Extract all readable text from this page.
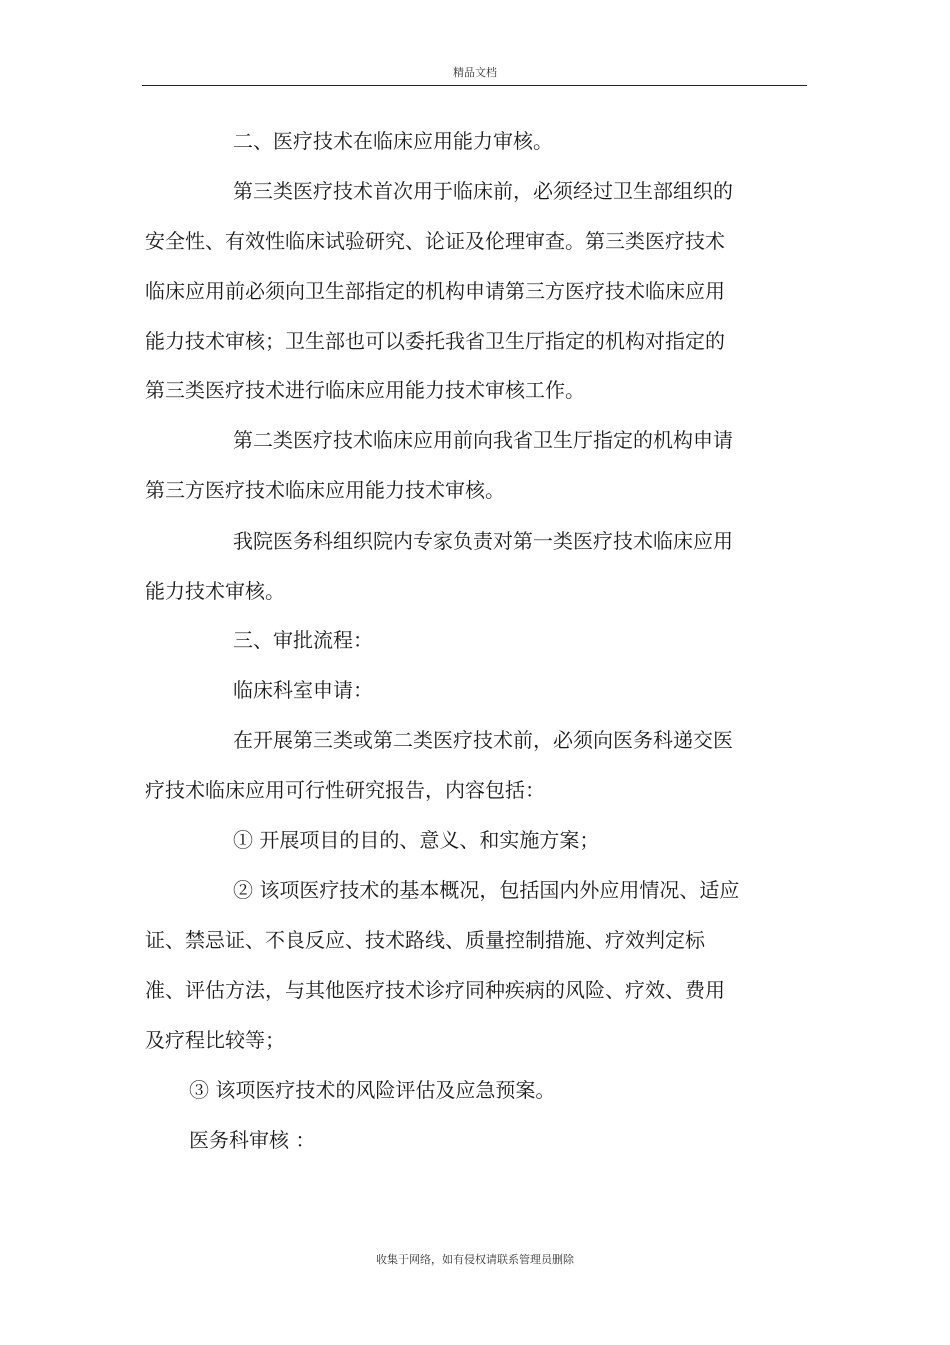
精品文档
二、医疗技术在临床应用能力审核。
第三类医疗技术首次用于临床前，必须经过卫生部组织的
安全性、有效性临床试验研究、论证及伦理审查。第三类医疗技术
临床应用前必须向卫生部指定的机构申请第三方医疗技术临床应用
能力技术审核；卫生部也可以委托我省卫生厅指定的机构对指定的
第三类医疗技术进行临床应用能力技术审核工作。
第二类医疗技术临床应用前向我省卫生厅指定的机构申请
第三方医疗技术临床应用能力技术审核。
我院医务科组织院内专家负责对第一类医疗技术临床应用
能力技术审核。
三、审批流程：
临床科室申请：
在开展第三类或第二类医疗技术前，必须向医务科递交医
疗技术临床应用可行性研究报告，内容包括：
① 开展项目的目的、意义、和实施方案；
② 该项医疗技术的基本概况，包括国内外应用情况、适应
证、禁忌证、不良反应、技术路线、质量控制措施、疗效判定标
准、评估方法，与其他医疗技术诊疗同种疾病的风险、疗效、费用
及疗程比较等；
③ 该项医疗技术的风险评估及应急预案。
医务科审核 ：
收集于网络，如有侵权请联系管理员删除
